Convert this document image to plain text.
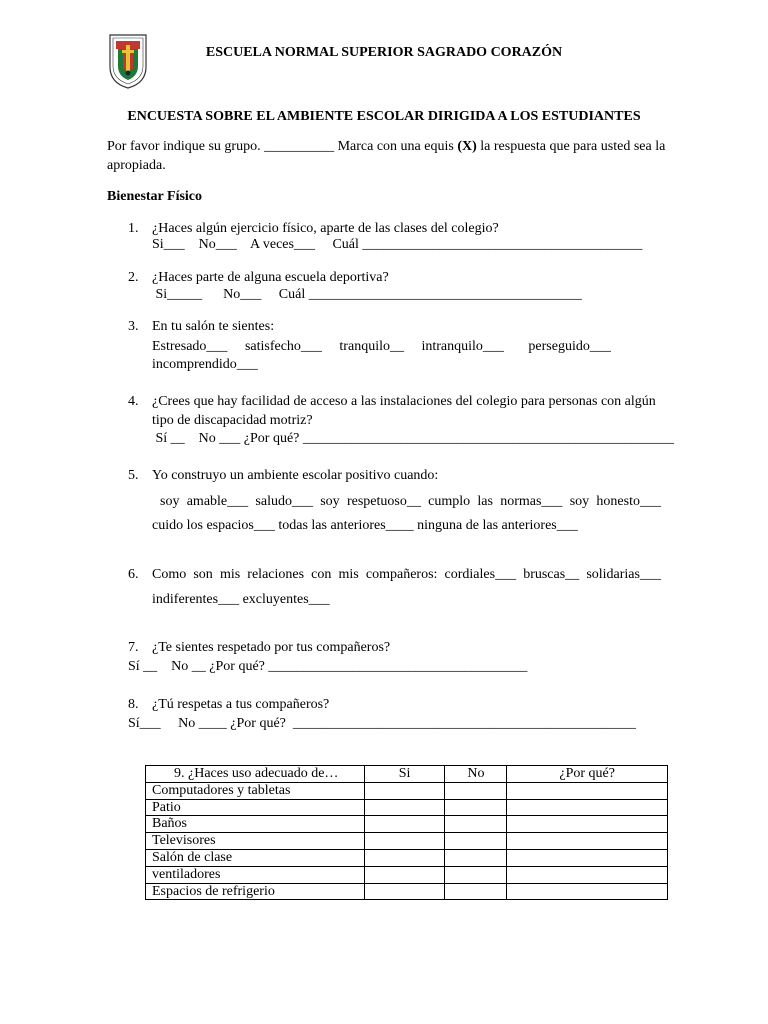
ESCUELA NORMAL SUPERIOR SAGRADO CORAZÓN
ENCUESTA SOBRE EL AMBIENTE ESCOLAR DIRIGIDA A LOS ESTUDIANTES
Por favor indique su grupo. __________ Marca con una equis (X) la respuesta que para usted sea la apropiada.
Bienestar Físico
1. ¿Haces algún ejercicio físico, aparte de las clases del colegio?
Si___    No___    A veces___     Cuál ________________________________________
2. ¿Haces parte de alguna escuela deportiva?
Si_____      No___     Cuál _______________________________________
3. En tu salón te sientes:
Estresado___ satisfecho___ tranquilo__ intranquilo___ perseguido___
incomprendido___
4. ¿Crees que hay facilidad de acceso a las instalaciones del colegio para personas con algún
tipo de discapacidad motriz?
Sí __    No ___ ¿Por qué? _____________________________________________________
5. Yo construyo un ambiente escolar positivo cuando:
soy amable___ saludo___ soy respetuoso__ cumplo las normas___ soy honesto___
cuido los espacios___ todas las anteriores____ ninguna de las anteriores___
6. Como son mis relaciones con mis compañeros: cordiales___ bruscas__ solidarias___
indiferentes___ excluyentes___
7. ¿Te sientes respetado por tus compañeros?
Sí __    No __ ¿Por qué? _____________________________________
8. ¿Tú respetas a tus compañeros?
Sí___     No ____ ¿Por qué?  _________________________________________________
9. ¿Haces uso adecuado de…	Si	No	¿Por qué?
Computadores y tabletas			
Patio			
Baños			
Televisores			
Salón de clase			
ventiladores			
Espacios de refrigerio			
